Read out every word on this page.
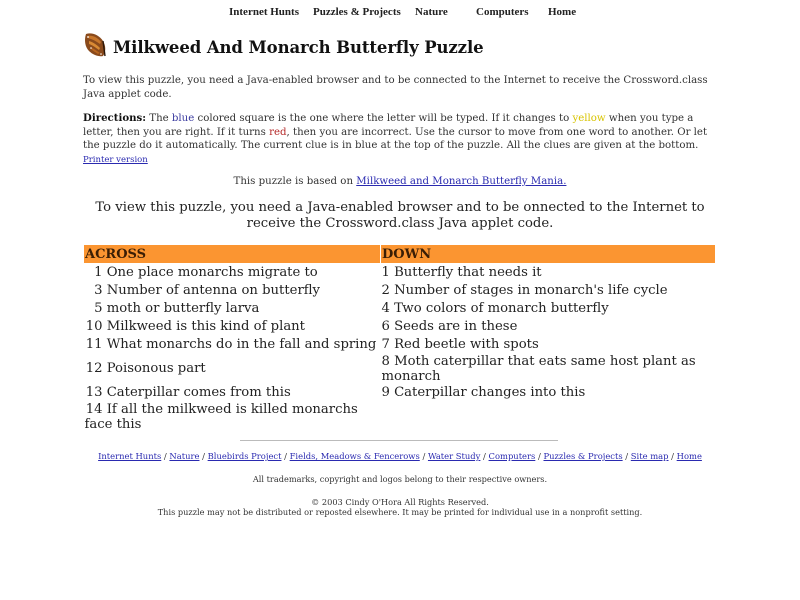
Internet Hunts Puzzles & Projects Nature	Computers Home
Milkweed And Monarch Butterfly Puzzle
To view this puzzle, you need a Java-enabled browser and to be connected to the Internet to receive the Crossword.class Java applet code.
Directions: The blue colored square is the one where the letter will be typed. If it changes to yellow when you type a letter, then you are right. If it turns red, then you are incorrect. Use the cursor to move from one word to another. Or let the puzzle do it automatically. The current clue is in blue at the top of the puzzle. All the clues are given at the bottom.
Printer version
This puzzle is based on Milkweed and Monarch Butterfly Mania.
To view this puzzle, you need a Java-enabled browser and to be onnected to the Internet to receive the Crossword.class Java applet code.
ACROSS	DOWN
1 One place monarchs migrate to	1 Butterfly that needs it
3 Number of antenna on butterfly	2 Number of stages in monarch's life cycle
5 moth or butterfly larva	4 Two colors of monarch butterfly
10 Milkweed is this kind of plant	6 Seeds are in these
11 What monarchs do in the fall and spring	7 Red beetle with spots
12 Poisonous part	8 Moth caterpillar that eats same host plant as monarch
13 Caterpillar comes from this	9 Caterpillar changes into this
14 If all the milkweed is killed monarchs face this	
Internet Hunts / Nature / Bluebirds Project / Fields, Meadows & Fencerows / Water Study / Computers / Puzzles & Projects / Site map / Home
All trademarks, copyright and logos belong to their respective owners.
© 2003 Cindy O'Hora All Rights Reserved.
This puzzle may not be distributed or reposted elsewhere. It may be printed for individual use in a nonprofit setting.
